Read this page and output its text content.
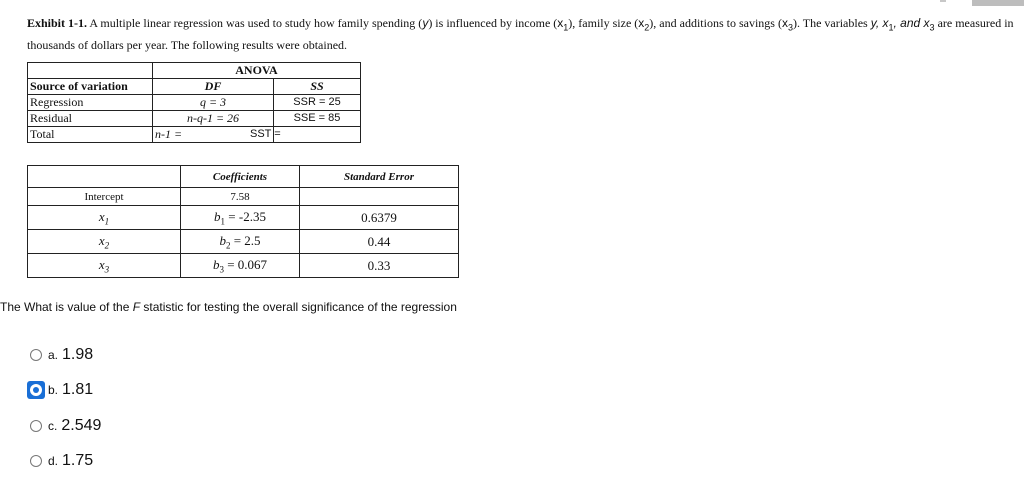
Exhibit 1-1. A multiple linear regression was used to study how family spending (y) is influenced by income $(x_1)$, family size $(x_2)$, and additions to savings $(x_3)$. The variables y, $x_1$, and $x_3$ are measured in thousands of dollars per year. The following results were obtained.
	ANOVA	
Source of variation	DF	SS
Regression	q = 3	SSR = 25
Residual	n-q-1 = 26	SSE = 85
Total	n-1 =	SST =
	Coefficients	Standard Error
Intercept	7.58	
$x_1$	$b_1 = -2.35$	0.6379
$x_2$	$b_2 = 2.5$	0.44
$x_3$	$b_3 = 0.067$	0.33
The What is value of the F statistic for testing the overall significance of the regression
a. 1.98
b. 1.81
c. 2.549
d. 1.75
